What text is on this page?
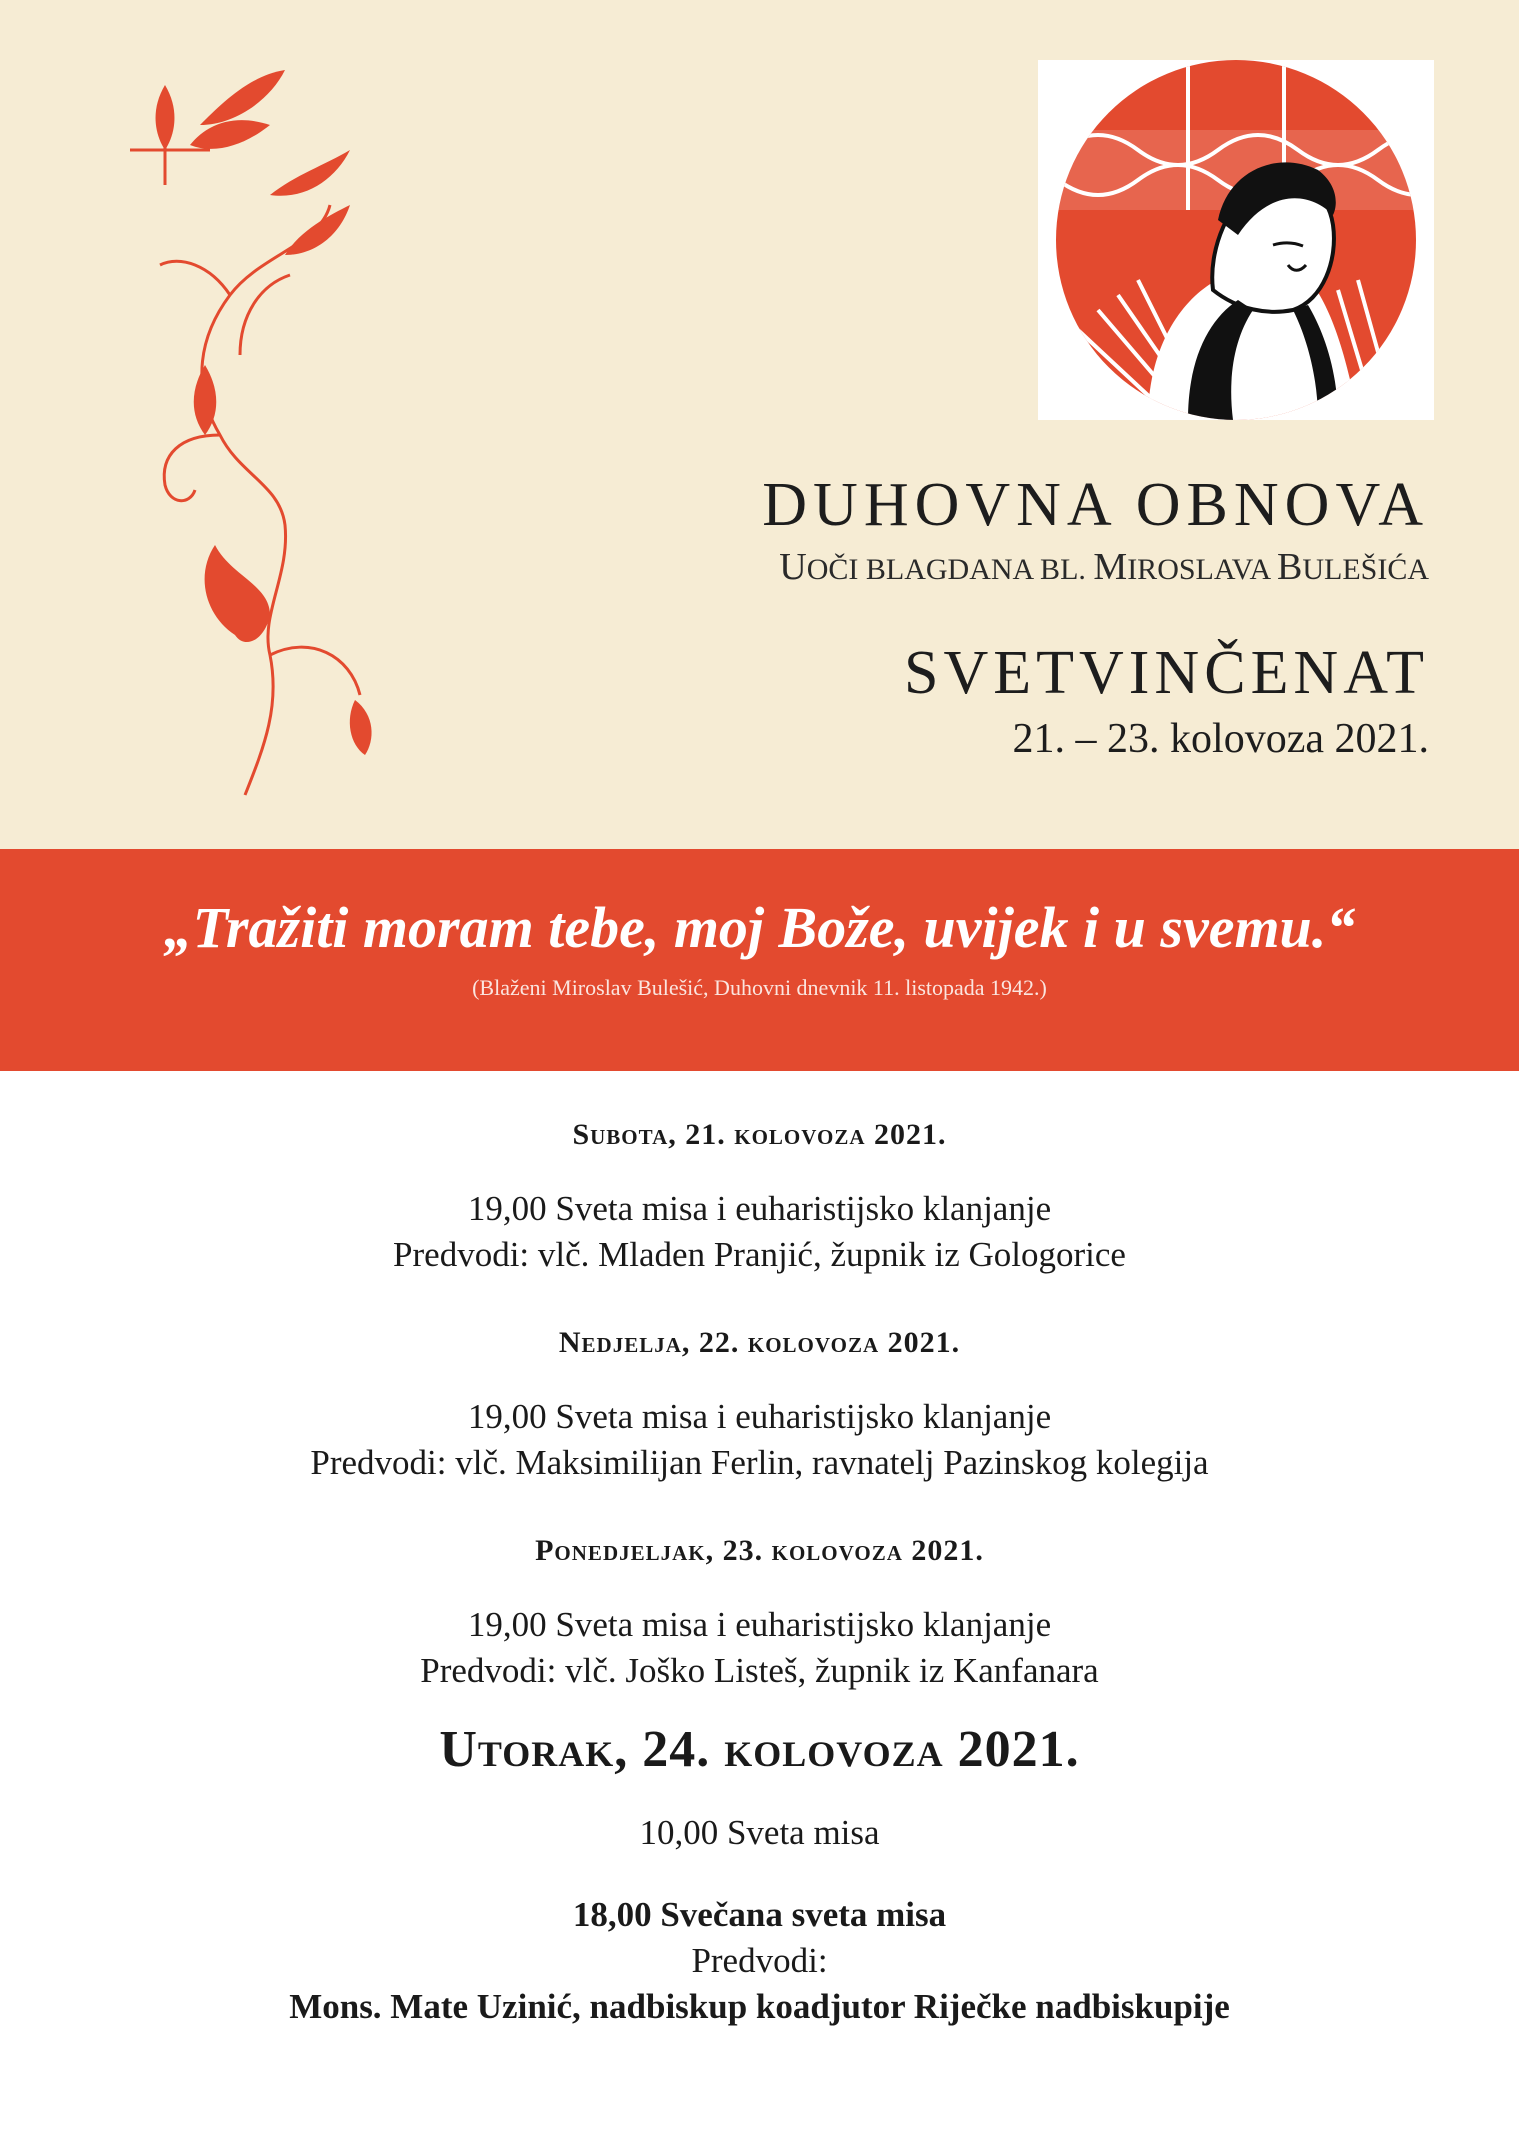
DUHOVNA OBNOVA
UOČI BLAGDANA BL. MIROSLAVA BULEŠIĆA
SVETVINČENAT
21. – 23. kolovoza 2021.
„Tražiti moram tebe, moj Bože, uvijek i u svemu.“
(Blaženi Miroslav Bulešić, Duhovni dnevnik 11. listopada 1942.)

Subota, 21. kolovoza 2021.

19,00 Sveta misa i euharistijsko klanjanje

Predvodi: vlč. Mladen Pranjić, župnik iz Gologorice

Nedjelja, 22. kolovoza 2021.

19,00 Sveta misa i euharistijsko klanjanje

Predvodi: vlč. Maksimilijan Ferlin, ravnatelj Pazinskog kolegija

Ponedjeljak, 23. kolovoza 2021.

19,00 Sveta misa i euharistijsko klanjanje

Predvodi: vlč. Joško Listeš, župnik iz Kanfanara

Utorak, 24. kolovoza 2021.

10,00 Sveta misa

18,00 Svečana sveta misa

Predvodi:

Mons. Mate Uzinić, nadbiskup koadjutor Riječke nadbiskupije
